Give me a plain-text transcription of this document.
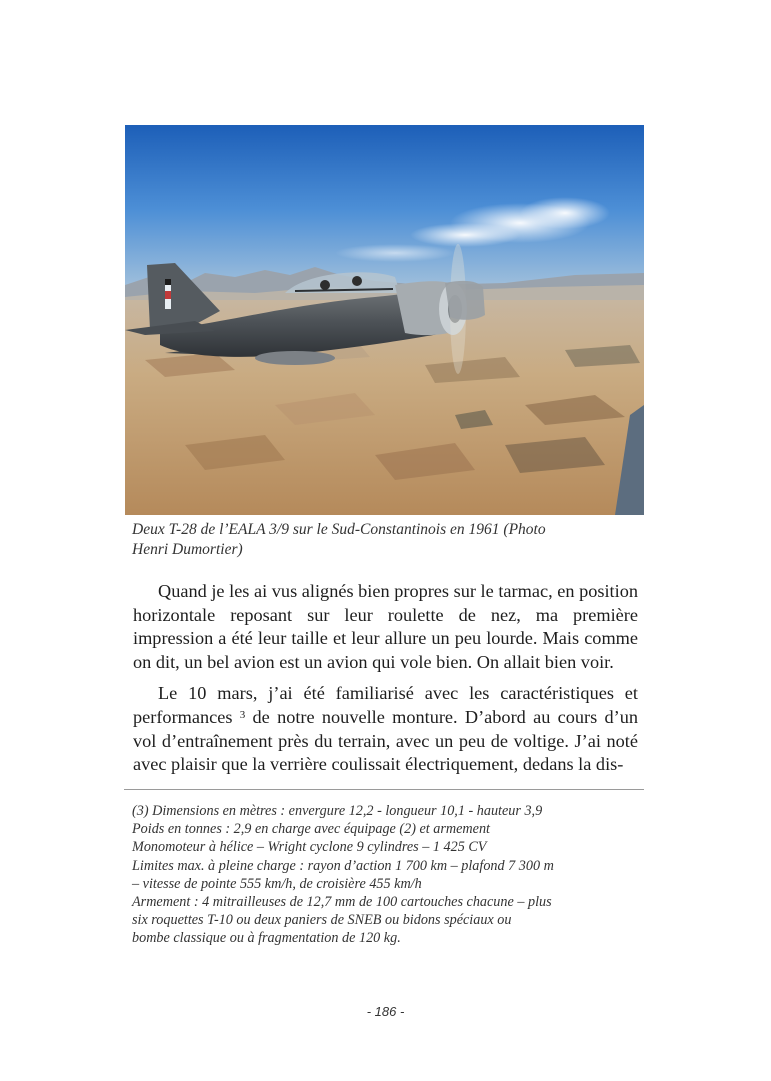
Deux T-28 de l’EALA 3/9 sur le Sud-Constantinois en 1961 (Photo

Henri Dumortier)

Quand je les ai vus alignés bien propres sur le tarmac, en position horizontale reposant sur leur roulette de nez, ma première impression a été leur taille et leur allure un peu lourde. Mais comme on dit, un bel avion est un avion qui vole bien. On allait bien voir.

Le 10 mars, j’ai été familiarisé avec les caractéristiques et performances $^3$ de notre nouvelle monture. D’abord au cours d’un vol d’entraînement près du terrain, avec un peu de voltige. J’ai noté avec plaisir que la verrière coulissait électriquement, dedans la dis-

(3) Dimensions en mètres : envergure 12,2 - longueur 10,1 - hauteur 3,9

Poids en tonnes : 2,9 en charge avec équipage (2) et armement

Monomoteur à hélice – Wright cyclone 9 cylindres – 1 425 CV

Limites max. à pleine charge : rayon d’action 1 700 km – plafond 7 300 m

– vitesse de pointe 555 km/h, de croisière 455 km/h

Armement : 4 mitrailleuses de 12,7 mm de 100 cartouches chacune – plus

six roquettes T-10 ou deux paniers de SNEB ou bidons spéciaux ou

bombe classique ou à fragmentation de 120 kg.

- 186 -
